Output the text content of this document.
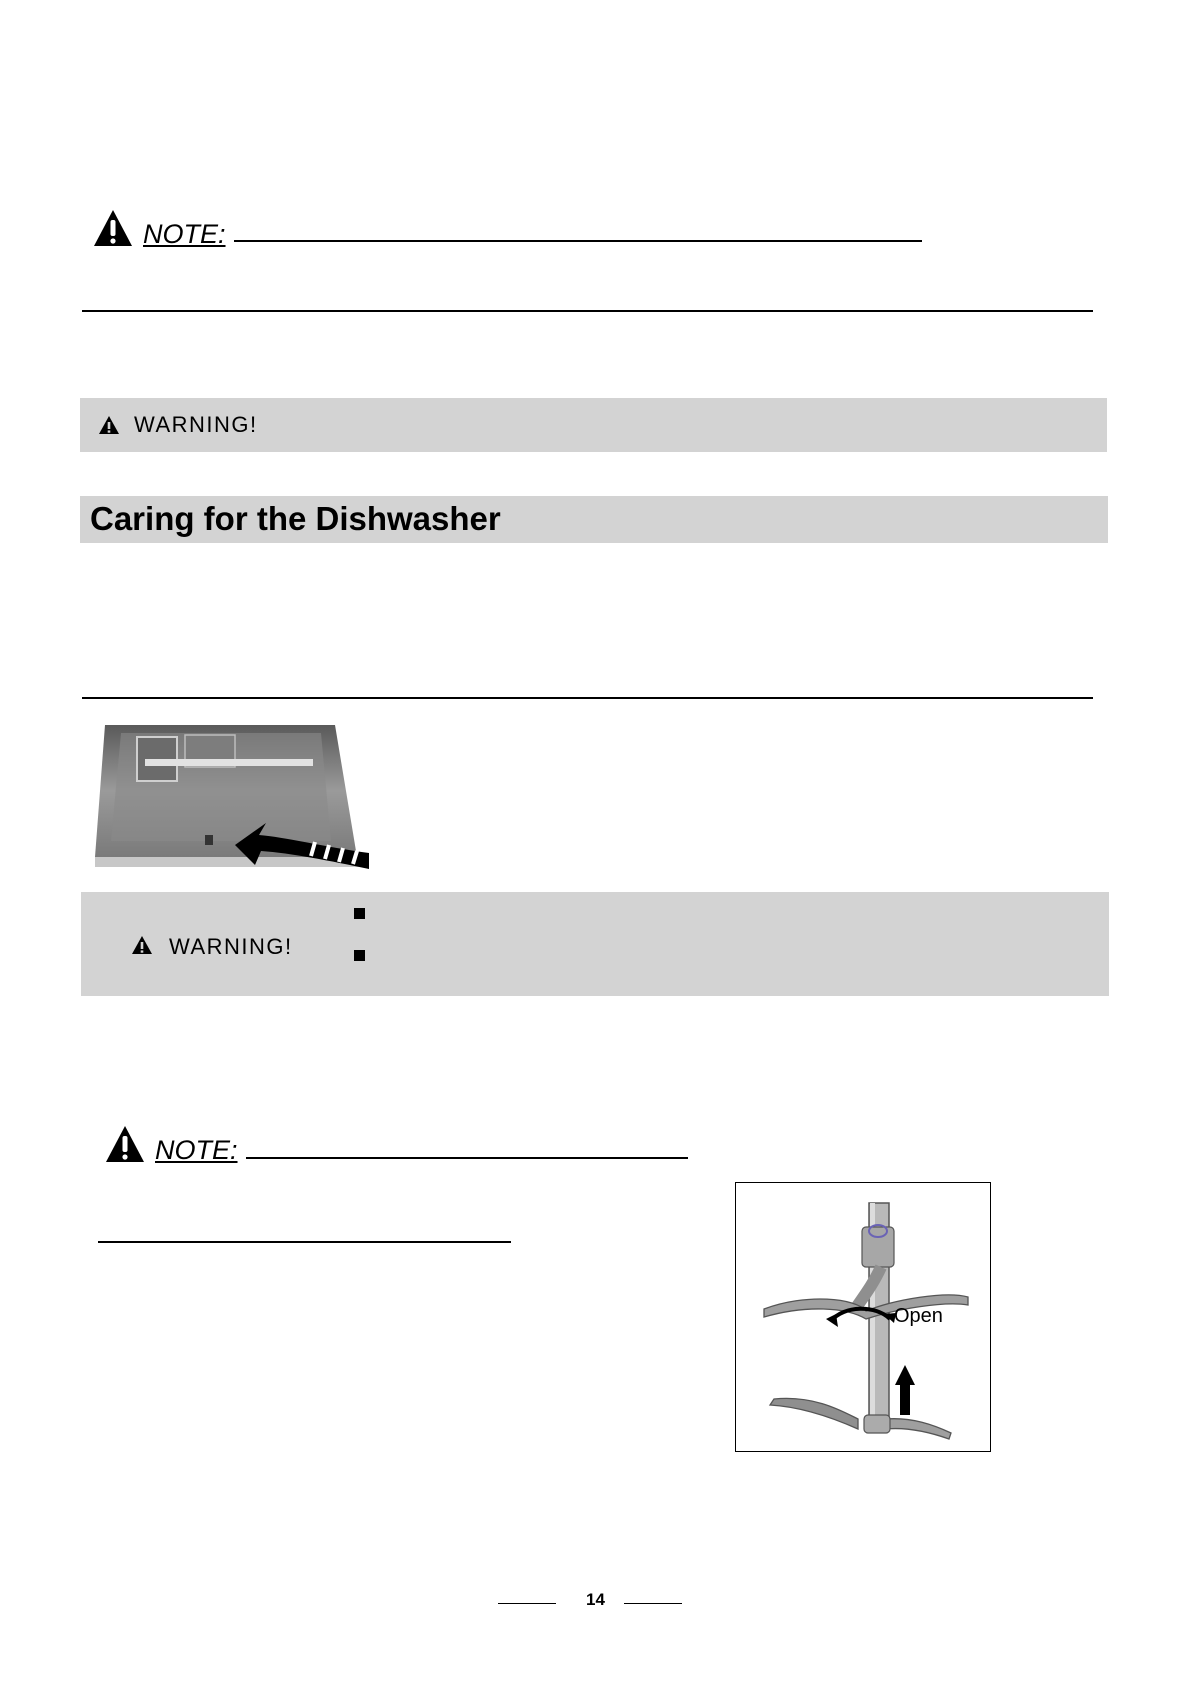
NOTE:
WARNING!
Caring for the Dishwasher
WARNING!
NOTE:
Open
14
